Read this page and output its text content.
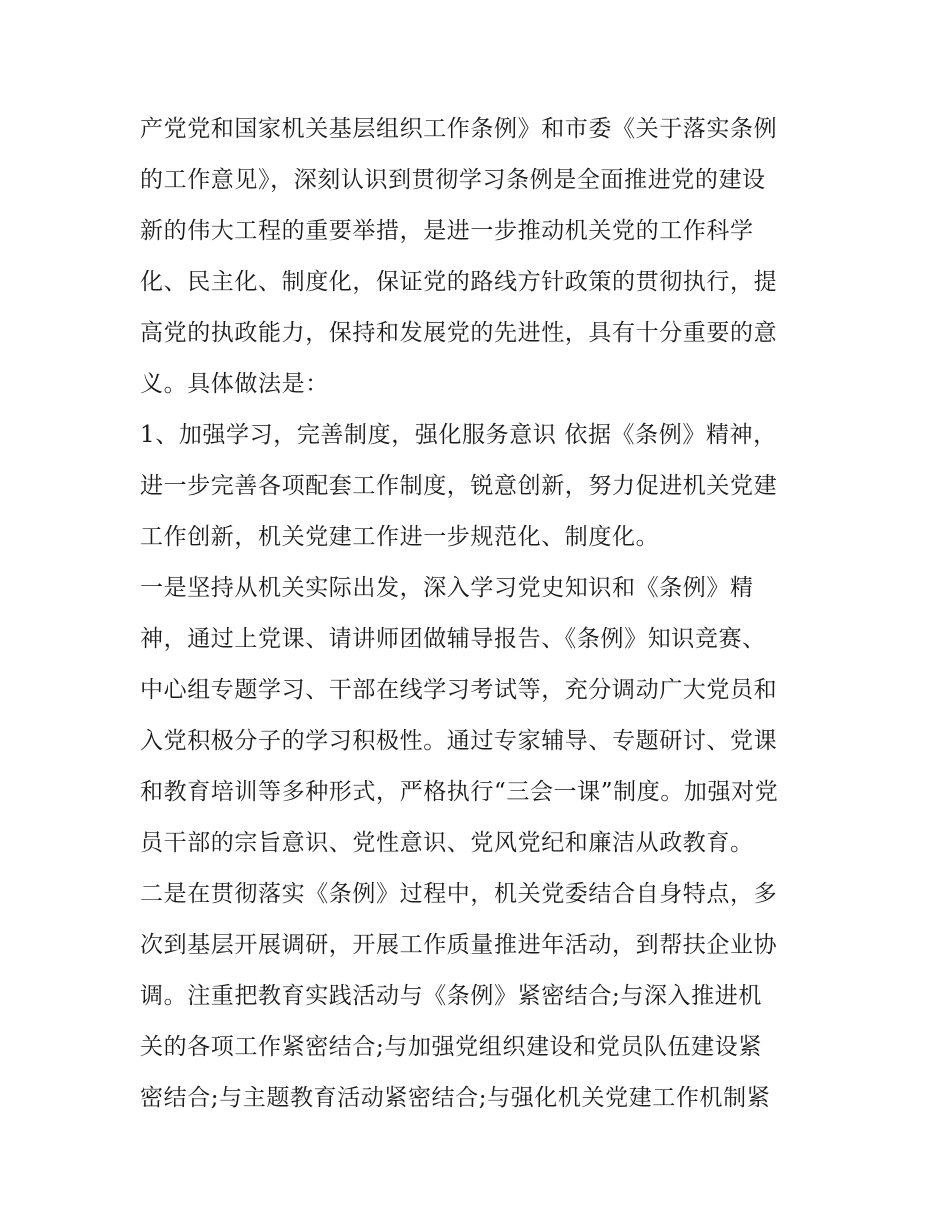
产党党和国家机关基层组织工作条例》和市委《关于落实条例
的工作意见》，深刻认识到贯彻学习条例是全面推进党的建设
新的伟大工程的重要举措，是进一步推动机关党的工作科学
化、民主化、制度化，保证党的路线方针政策的贯彻执行，提
高党的执政能力，保持和发展党的先进性，具有十分重要的意
义。具体做法是：
1、加强学习，完善制度，强化服务意识 依据《条例》精神，
进一步完善各项配套工作制度，锐意创新，努力促进机关党建
工作创新，机关党建工作进一步规范化、制度化。
一是坚持从机关实际出发，深入学习党史知识和《条例》精
神，通过上党课、请讲师团做辅导报告、《条例》知识竞赛、
中心组专题学习、干部在线学习考试等，充分调动广大党员和
入党积极分子的学习积极性。通过专家辅导、专题研讨、党课
和教育培训等多种形式，严格执行“三会一课”制度。加强对党
员干部的宗旨意识、党性意识、党风党纪和廉洁从政教育。
二是在贯彻落实《条例》过程中，机关党委结合自身特点，多
次到基层开展调研，开展工作质量推进年活动，到帮扶企业协
调。注重把教育实践活动与《条例》紧密结合;与深入推进机
关的各项工作紧密结合;与加强党组织建设和党员队伍建设紧
密结合;与主题教育活动紧密结合;与强化机关党建工作机制紧
